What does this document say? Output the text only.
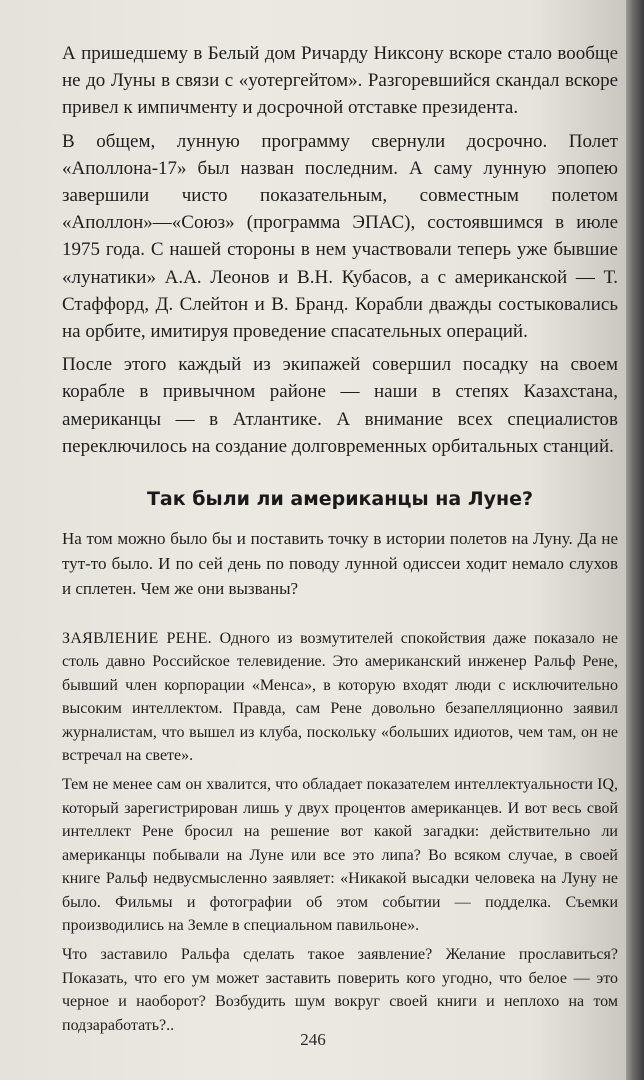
А пришедшему в Белый дом Ричарду Никсону вскоре стало вообще не до Луны в связи с «уотергейтом». Разгоревшийся скандал вскоре привел к импичменту и досрочной отставке президента.

В общем, лунную программу свернули досрочно. Полет «Аполлона-17» был назван последним. А саму лунную эпопею завершили чисто показательным, совместным полетом «Аполлон»—«Союз» (программа ЭПАС), состоявшимся в июле 1975 года. С нашей стороны в нем участвовали теперь уже бывшие «лунатики» А.А. Леонов и В.Н. Кубасов, а с американской — Т. Стаффорд, Д. Слейтон и В. Бранд. Корабли дважды состыковались на орбите, имитируя проведение спасательных операций.

После этого каждый из экипажей совершил посадку на своем корабле в привычном районе — наши в степях Казахстана, американцы — в Атлантике. А внимание всех специалистов переключилось на создание долговременных орбитальных станций.

Так были ли американцы на Луне?

На том можно было бы и поставить точку в истории полетов на Луну. Да не тут-то было. И по сей день по поводу лунной одиссеи ходит немало слухов и сплетен. Чем же они вызваны?

ЗАЯВЛЕНИЕ РЕНЕ. Одного из возмутителей спокойствия даже показало не столь давно Российское телевидение. Это американский инженер Ральф Рене, бывший член корпорации «Менса», в которую входят люди с исключительно высоким интеллектом. Правда, сам Рене довольно безапелляционно заявил журналистам, что вышел из клуба, поскольку «больших идиотов, чем там, он не встречал на свете».

Тем не менее сам он хвалится, что обладает показателем интеллектуальности IQ, который зарегистрирован лишь у двух процентов американцев. И вот весь свой интеллект Рене бросил на решение вот какой загадки: действительно ли американцы побывали на Луне или все это липа? Во всяком случае, в своей книге Ральф недвусмысленно заявляет: «Никакой высадки человека на Луну не было. Фильмы и фотографии об этом событии — подделка. Съемки производились на Земле в специальном павильоне».

Что заставило Ральфа сделать такое заявление? Желание прославиться? Показать, что его ум может заставить поверить кого угодно, что белое — это черное и наоборот? Возбудить шум вокруг своей книги и неплохо на том подзаработать?..

246
